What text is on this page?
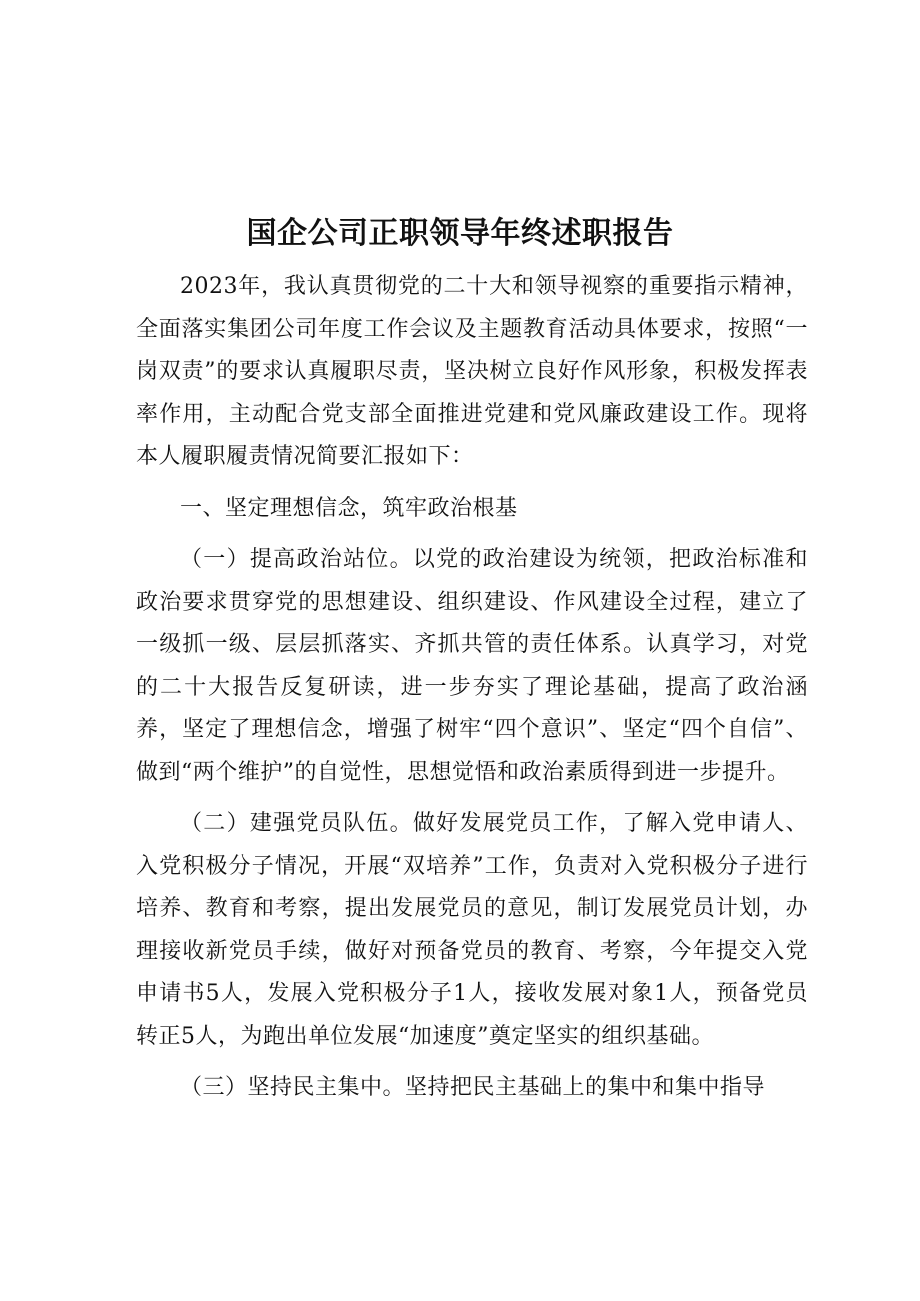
国企公司正职领导年终述职报告

2023年，我认真贯彻党的二十大和领导视察的重要指示精神，全面落实集团公司年度工作会议及主题教育活动具体要求，按照“一岗双责”的要求认真履职尽责，坚决树立良好作风形象，积极发挥表率作用，主动配合党支部全面推进党建和党风廉政建设工作。现将本人履职履责情况简要汇报如下：

一、坚定理想信念，筑牢政治根基

（一）提高政治站位。以党的政治建设为统领，把政治标准和政治要求贯穿党的思想建设、组织建设、作风建设全过程，建立了一级抓一级、层层抓落实、齐抓共管的责任体系。认真学习，对党的二十大报告反复研读，进一步夯实了理论基础，提高了政治涵养，坚定了理想信念，增强了树牢“四个意识”、坚定“四个自信”、做到“两个维护”的自觉性，思想觉悟和政治素质得到进一步提升。

（二）建强党员队伍。做好发展党员工作，了解入党申请人、入党积极分子情况，开展“双培养”工作，负责对入党积极分子进行培养、教育和考察，提出发展党员的意见，制订发展党员计划，办理接收新党员手续，做好对预备党员的教育、考察，今年提交入党申请书5人，发展入党积极分子1人，接收发展对象1人，预备党员转正5人，为跑出单位发展“加速度”奠定坚实的组织基础。

（三）坚持民主集中。坚持把民主基础上的集中和集中指导
